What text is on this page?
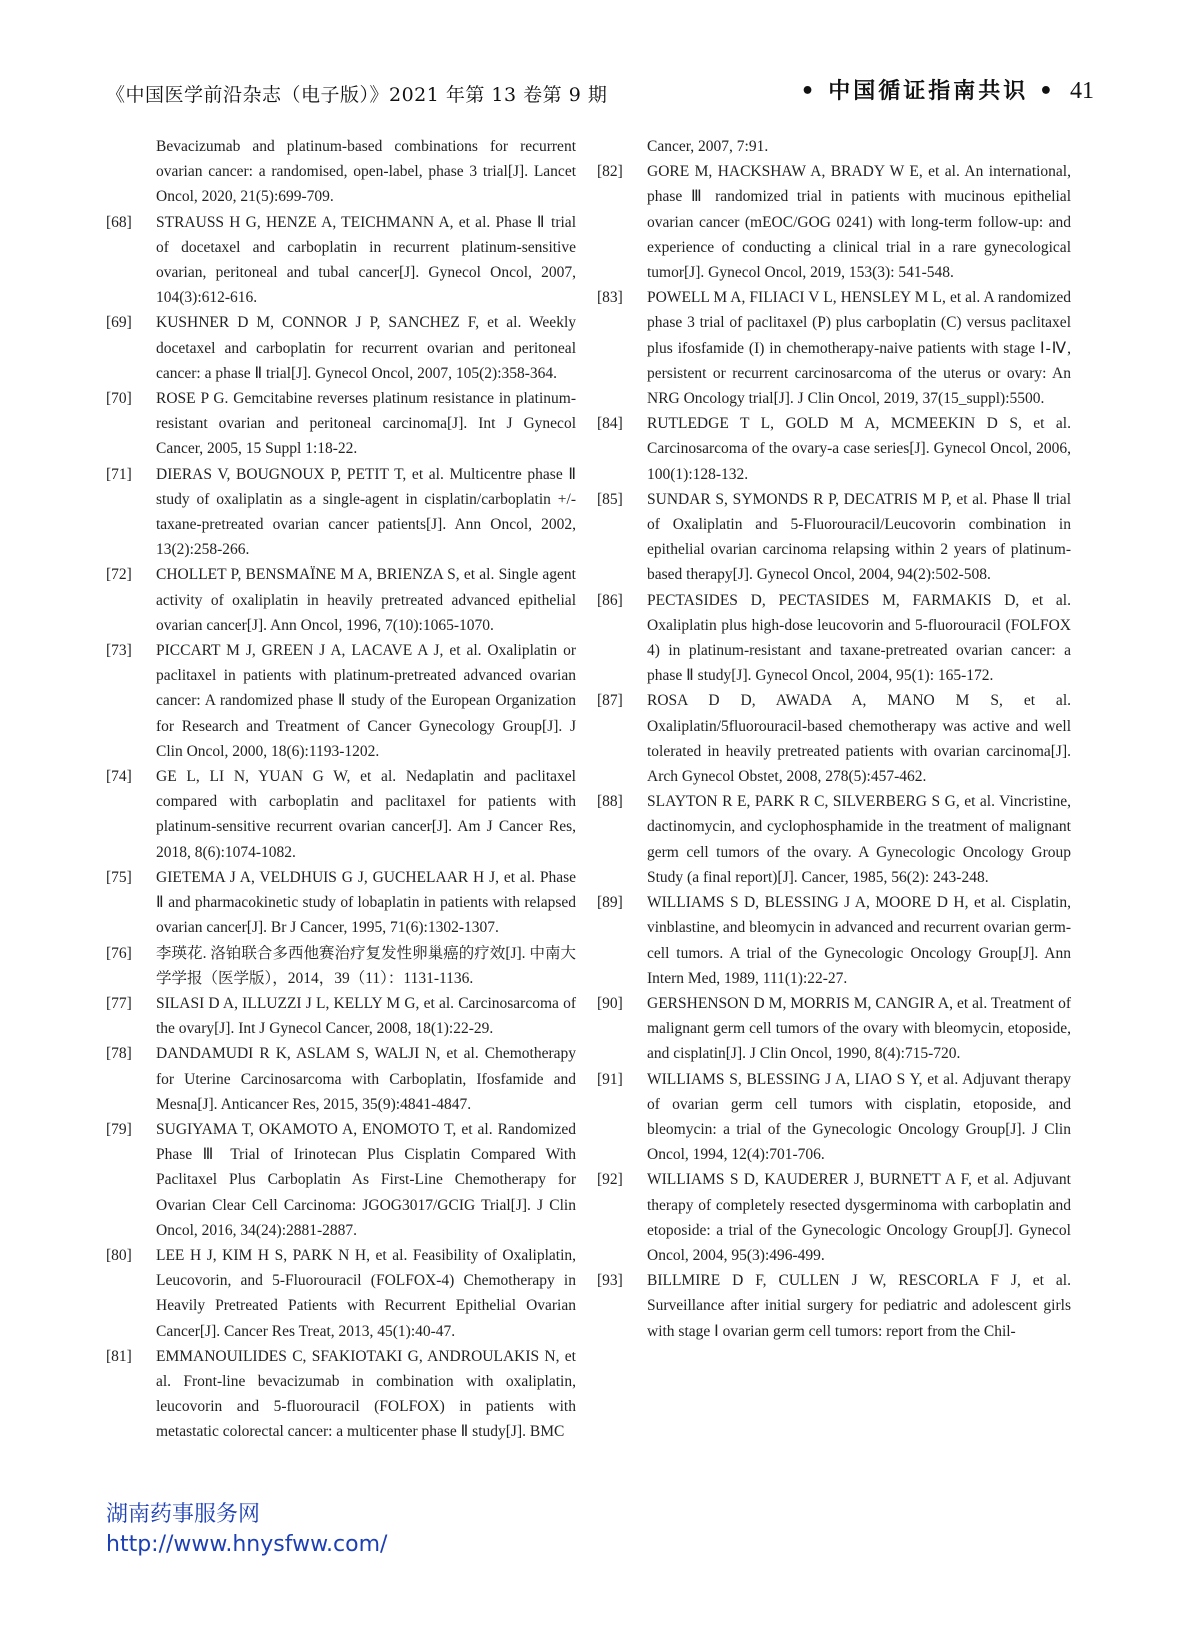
《中国医学前沿杂志（电子版）》2021 年第 13 卷第 9 期	• 中国循证指南共识 • 41
Bevacizumab and platinum-based combinations for recurrent ovarian cancer: a randomised, open-label, phase 3 trial[J]. Lancet Oncol, 2020, 21(5):699-709.
[68]	STRAUSS H G, HENZE A, TEICHMANN A, et al. Phase Ⅱ trial of docetaxel and carboplatin in recurrent platinum-sensitive ovarian, peritoneal and tubal cancer[J]. Gynecol Oncol, 2007, 104(3):612-616.
[69]	KUSHNER D M, CONNOR J P, SANCHEZ F, et al. Weekly docetaxel and carboplatin for recurrent ovarian and peritoneal cancer: a phase Ⅱ trial[J]. Gynecol Oncol, 2007, 105(2):358-364.
[70]	ROSE P G. Gemcitabine reverses platinum resistance in platinum-resistant ovarian and peritoneal carcinoma[J]. Int J Gynecol Cancer, 2005, 15 Suppl 1:18-22.
[71]	DIERAS V, BOUGNOUX P, PETIT T, et al. Multicentre phase Ⅱ study of oxaliplatin as a single-agent in cisplatin/carboplatin +/- taxane-pretreated ovarian cancer patients[J]. Ann Oncol, 2002, 13(2):258-266.
[72]	CHOLLET P, BENSMAÏNE M A, BRIENZA S, et al. Single agent activity of oxaliplatin in heavily pretreated advanced epithelial ovarian cancer[J]. Ann Oncol, 1996, 7(10):1065-1070.
[73]	PICCART M J, GREEN J A, LACAVE A J, et al. Oxaliplatin or paclitaxel in patients with platinum-pretreated advanced ovarian cancer: A randomized phase Ⅱ study of the European Organization for Research and Treatment of Cancer Gynecology Group[J]. J Clin Oncol, 2000, 18(6):1193-1202.
[74]	GE L, LI N, YUAN G W, et al. Nedaplatin and paclitaxel compared with carboplatin and paclitaxel for patients with platinum-sensitive recurrent ovarian cancer[J]. Am J Cancer Res, 2018, 8(6):1074-1082.
[75]	GIETEMA J A, VELDHUIS G J, GUCHELAAR H J, et al. Phase Ⅱ and pharmacokinetic study of lobaplatin in patients with relapsed ovarian cancer[J]. Br J Cancer, 1995, 71(6):1302-1307.
[76]	李瑛花. 洛铂联合多西他赛治疗复发性卵巢癌的疗效[J]. 中南大学学报（医学版），2014，39（11）：1131-1136.
[77]	SILASI D A, ILLUZZI J L, KELLY M G, et al. Carcinosarcoma of the ovary[J]. Int J Gynecol Cancer, 2008, 18(1):22-29.
[78]	DANDAMUDI R K, ASLAM S, WALJI N, et al. Chemotherapy for Uterine Carcinosarcoma with Carboplatin, Ifosfamide and Mesna[J]. Anticancer Res, 2015, 35(9):4841-4847.
[79]	SUGIYAMA T, OKAMOTO A, ENOMOTO T, et al. Randomized Phase Ⅲ Trial of Irinotecan Plus Cisplatin Compared With Paclitaxel Plus Carboplatin As First-Line Chemotherapy for Ovarian Clear Cell Carcinoma: JGOG3017/GCIG Trial[J]. J Clin Oncol, 2016, 34(24):2881-2887.
[80]	LEE H J, KIM H S, PARK N H, et al. Feasibility of Oxaliplatin, Leucovorin, and 5-Fluorouracil (FOLFOX-4) Chemotherapy in Heavily Pretreated Patients with Recurrent Epithelial Ovarian Cancer[J]. Cancer Res Treat, 2013, 45(1):40-47.
[81]	EMMANOUILIDES C, SFAKIOTAKI G, ANDROULAKIS N, et al. Front-line bevacizumab in combination with oxaliplatin, leucovorin and 5-fluorouracil (FOLFOX) in patients with metastatic colorectal cancer: a multicenter phase Ⅱ study[J]. BMC
Cancer, 2007, 7:91.
[82]	GORE M, HACKSHAW A, BRADY W E, et al. An international, phase Ⅲ randomized trial in patients with mucinous epithelial ovarian cancer (mEOC/GOG 0241) with long-term follow-up: and experience of conducting a clinical trial in a rare gynecological tumor[J]. Gynecol Oncol, 2019, 153(3): 541-548.
[83]	POWELL M A, FILIACI V L, HENSLEY M L, et al. A randomized phase 3 trial of paclitaxel (P) plus carboplatin (C) versus paclitaxel plus ifosfamide (I) in chemotherapy-naive patients with stage Ⅰ-Ⅳ, persistent or recurrent carcinosarcoma of the uterus or ovary: An NRG Oncology trial[J]. J Clin Oncol, 2019, 37(15_suppl):5500.
[84]	RUTLEDGE T L, GOLD M A, MCMEEKIN D S, et al. Carcinosarcoma of the ovary-a case series[J]. Gynecol Oncol, 2006, 100(1):128-132.
[85]	SUNDAR S, SYMONDS R P, DECATRIS M P, et al. Phase Ⅱ trial of Oxaliplatin and 5-Fluorouracil/Leucovorin combination in epithelial ovarian carcinoma relapsing within 2 years of platinum-based therapy[J]. Gynecol Oncol, 2004, 94(2):502-508.
[86]	PECTASIDES D, PECTASIDES M, FARMAKIS D, et al. Oxaliplatin plus high-dose leucovorin and 5-fluorouracil (FOLFOX 4) in platinum-resistant and taxane-pretreated ovarian cancer: a phase Ⅱ study[J]. Gynecol Oncol, 2004, 95(1): 165-172.
[87]	ROSA D D, AWADA A, MANO M S, et al. Oxaliplatin/5fluorouracil-based chemotherapy was active and well tolerated in heavily pretreated patients with ovarian carcinoma[J]. Arch Gynecol Obstet, 2008, 278(5):457-462.
[88]	SLAYTON R E, PARK R C, SILVERBERG S G, et al. Vincristine, dactinomycin, and cyclophosphamide in the treatment of malignant germ cell tumors of the ovary. A Gynecologic Oncology Group Study (a final report)[J]. Cancer, 1985, 56(2): 243-248.
[89]	WILLIAMS S D, BLESSING J A, MOORE D H, et al. Cisplatin, vinblastine, and bleomycin in advanced and recurrent ovarian germ-cell tumors. A trial of the Gynecologic Oncology Group[J]. Ann Intern Med, 1989, 111(1):22-27.
[90]	GERSHENSON D M, MORRIS M, CANGIR A, et al. Treatment of malignant germ cell tumors of the ovary with bleomycin, etoposide, and cisplatin[J]. J Clin Oncol, 1990, 8(4):715-720.
[91]	WILLIAMS S, BLESSING J A, LIAO S Y, et al. Adjuvant therapy of ovarian germ cell tumors with cisplatin, etoposide, and bleomycin: a trial of the Gynecologic Oncology Group[J]. J Clin Oncol, 1994, 12(4):701-706.
[92]	WILLIAMS S D, KAUDERER J, BURNETT A F, et al. Adjuvant therapy of completely resected dysgerminoma with carboplatin and etoposide: a trial of the Gynecologic Oncology Group[J]. Gynecol Oncol, 2004, 95(3):496-499.
[93]	BILLMIRE D F, CULLEN J W, RESCORLA F J, et al. Surveillance after initial surgery for pediatric and adolescent girls with stage Ⅰ ovarian germ cell tumors: report from the Chil-
湖南药事服务网
http://www.hnysfww.com/
